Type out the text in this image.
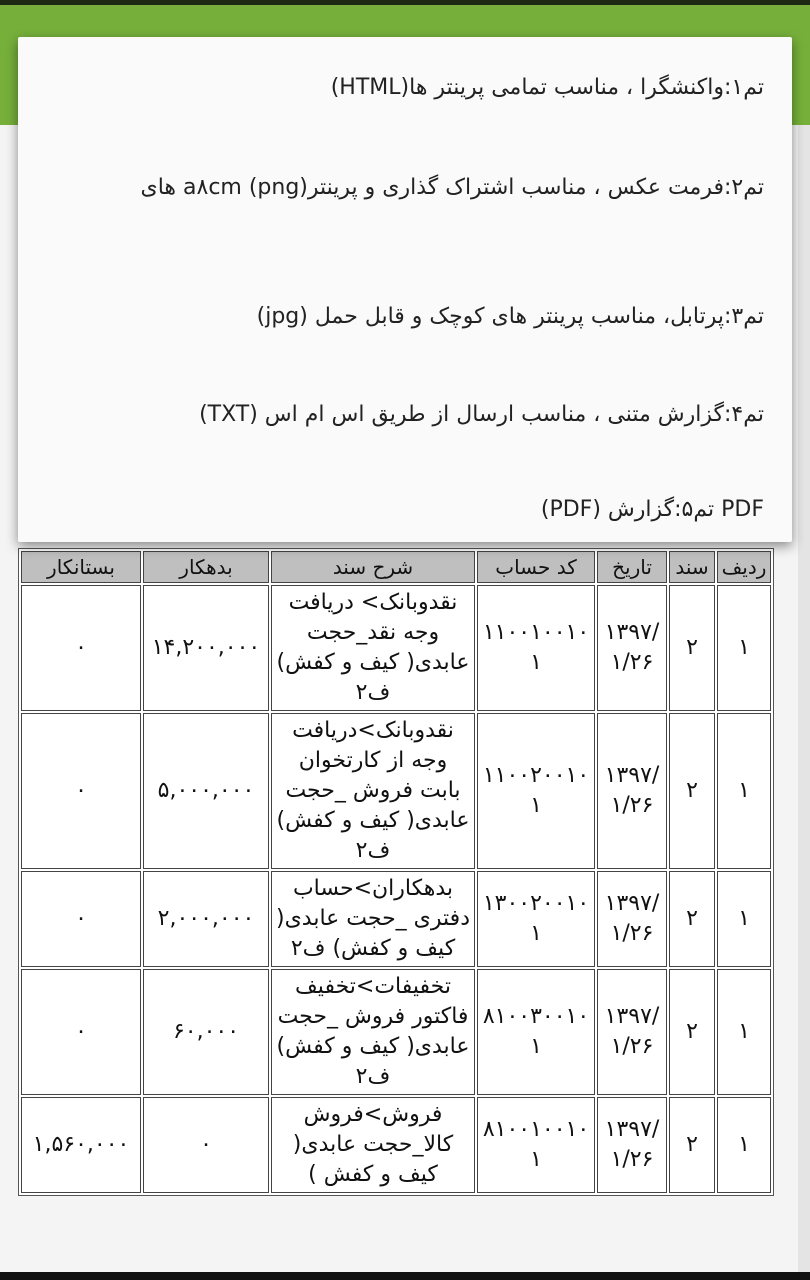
ردیف	سند	تاریخ	کد حساب	شرح سند	بدهکار	بستانکار
۱	۲	۱۳۹۷/۱/۲۶	۱۱۰۰۱۰۰۱۰۱	نقدوبانک> دریافت وجه نقد_حجت عابدی( کیف و کفش) ف۲	۱۴,۲۰۰,۰۰۰	۰
۱	۲	۱۳۹۷/۱/۲۶	۱۱۰۰۲۰۰۱۰۱	نقدوبانک>دریافت وجه از کارتخوان بابت فروش _حجت عابدی( کیف و کفش) ف۲	۵,۰۰۰,۰۰۰	۰
۱	۲	۱۳۹۷/۱/۲۶	۱۳۰۰۲۰۰۱۰۱	بدهکاران>حساب دفتری _حجت عابدی( کیف و کفش) ف۲	۲,۰۰۰,۰۰۰	۰
۱	۲	۱۳۹۷/۱/۲۶	۸۱۰۰۳۰۰۱۰۱	تخفیفات>تخفیف فاکتور فروش _حجت عابدی( کیف و کفش) ف۲	۶۰,۰۰۰	۰
۱	۲	۱۳۹۷/۱/۲۶	۸۱۰۰۱۰۰۱۰۱	فروش>فروش کالا_حجت عابدی( کیف و کفش )	۰	۱,۵۶۰,۰۰۰
تم۱:واکنشگرا ، مناسب تمامی پرینتر ها(HTML)
تم۲:فرمت عکس ، مناسب اشتراک گذاری و پرینترa۸cm (png) های
تم۳:پرتابل، مناسب پرینتر های کوچک و قابل حمل (jpg)
تم۴:گزارش متنی ، مناسب ارسال از طریق اس ام اس (TXT)
PDF تم۵:گزارش (PDF)
